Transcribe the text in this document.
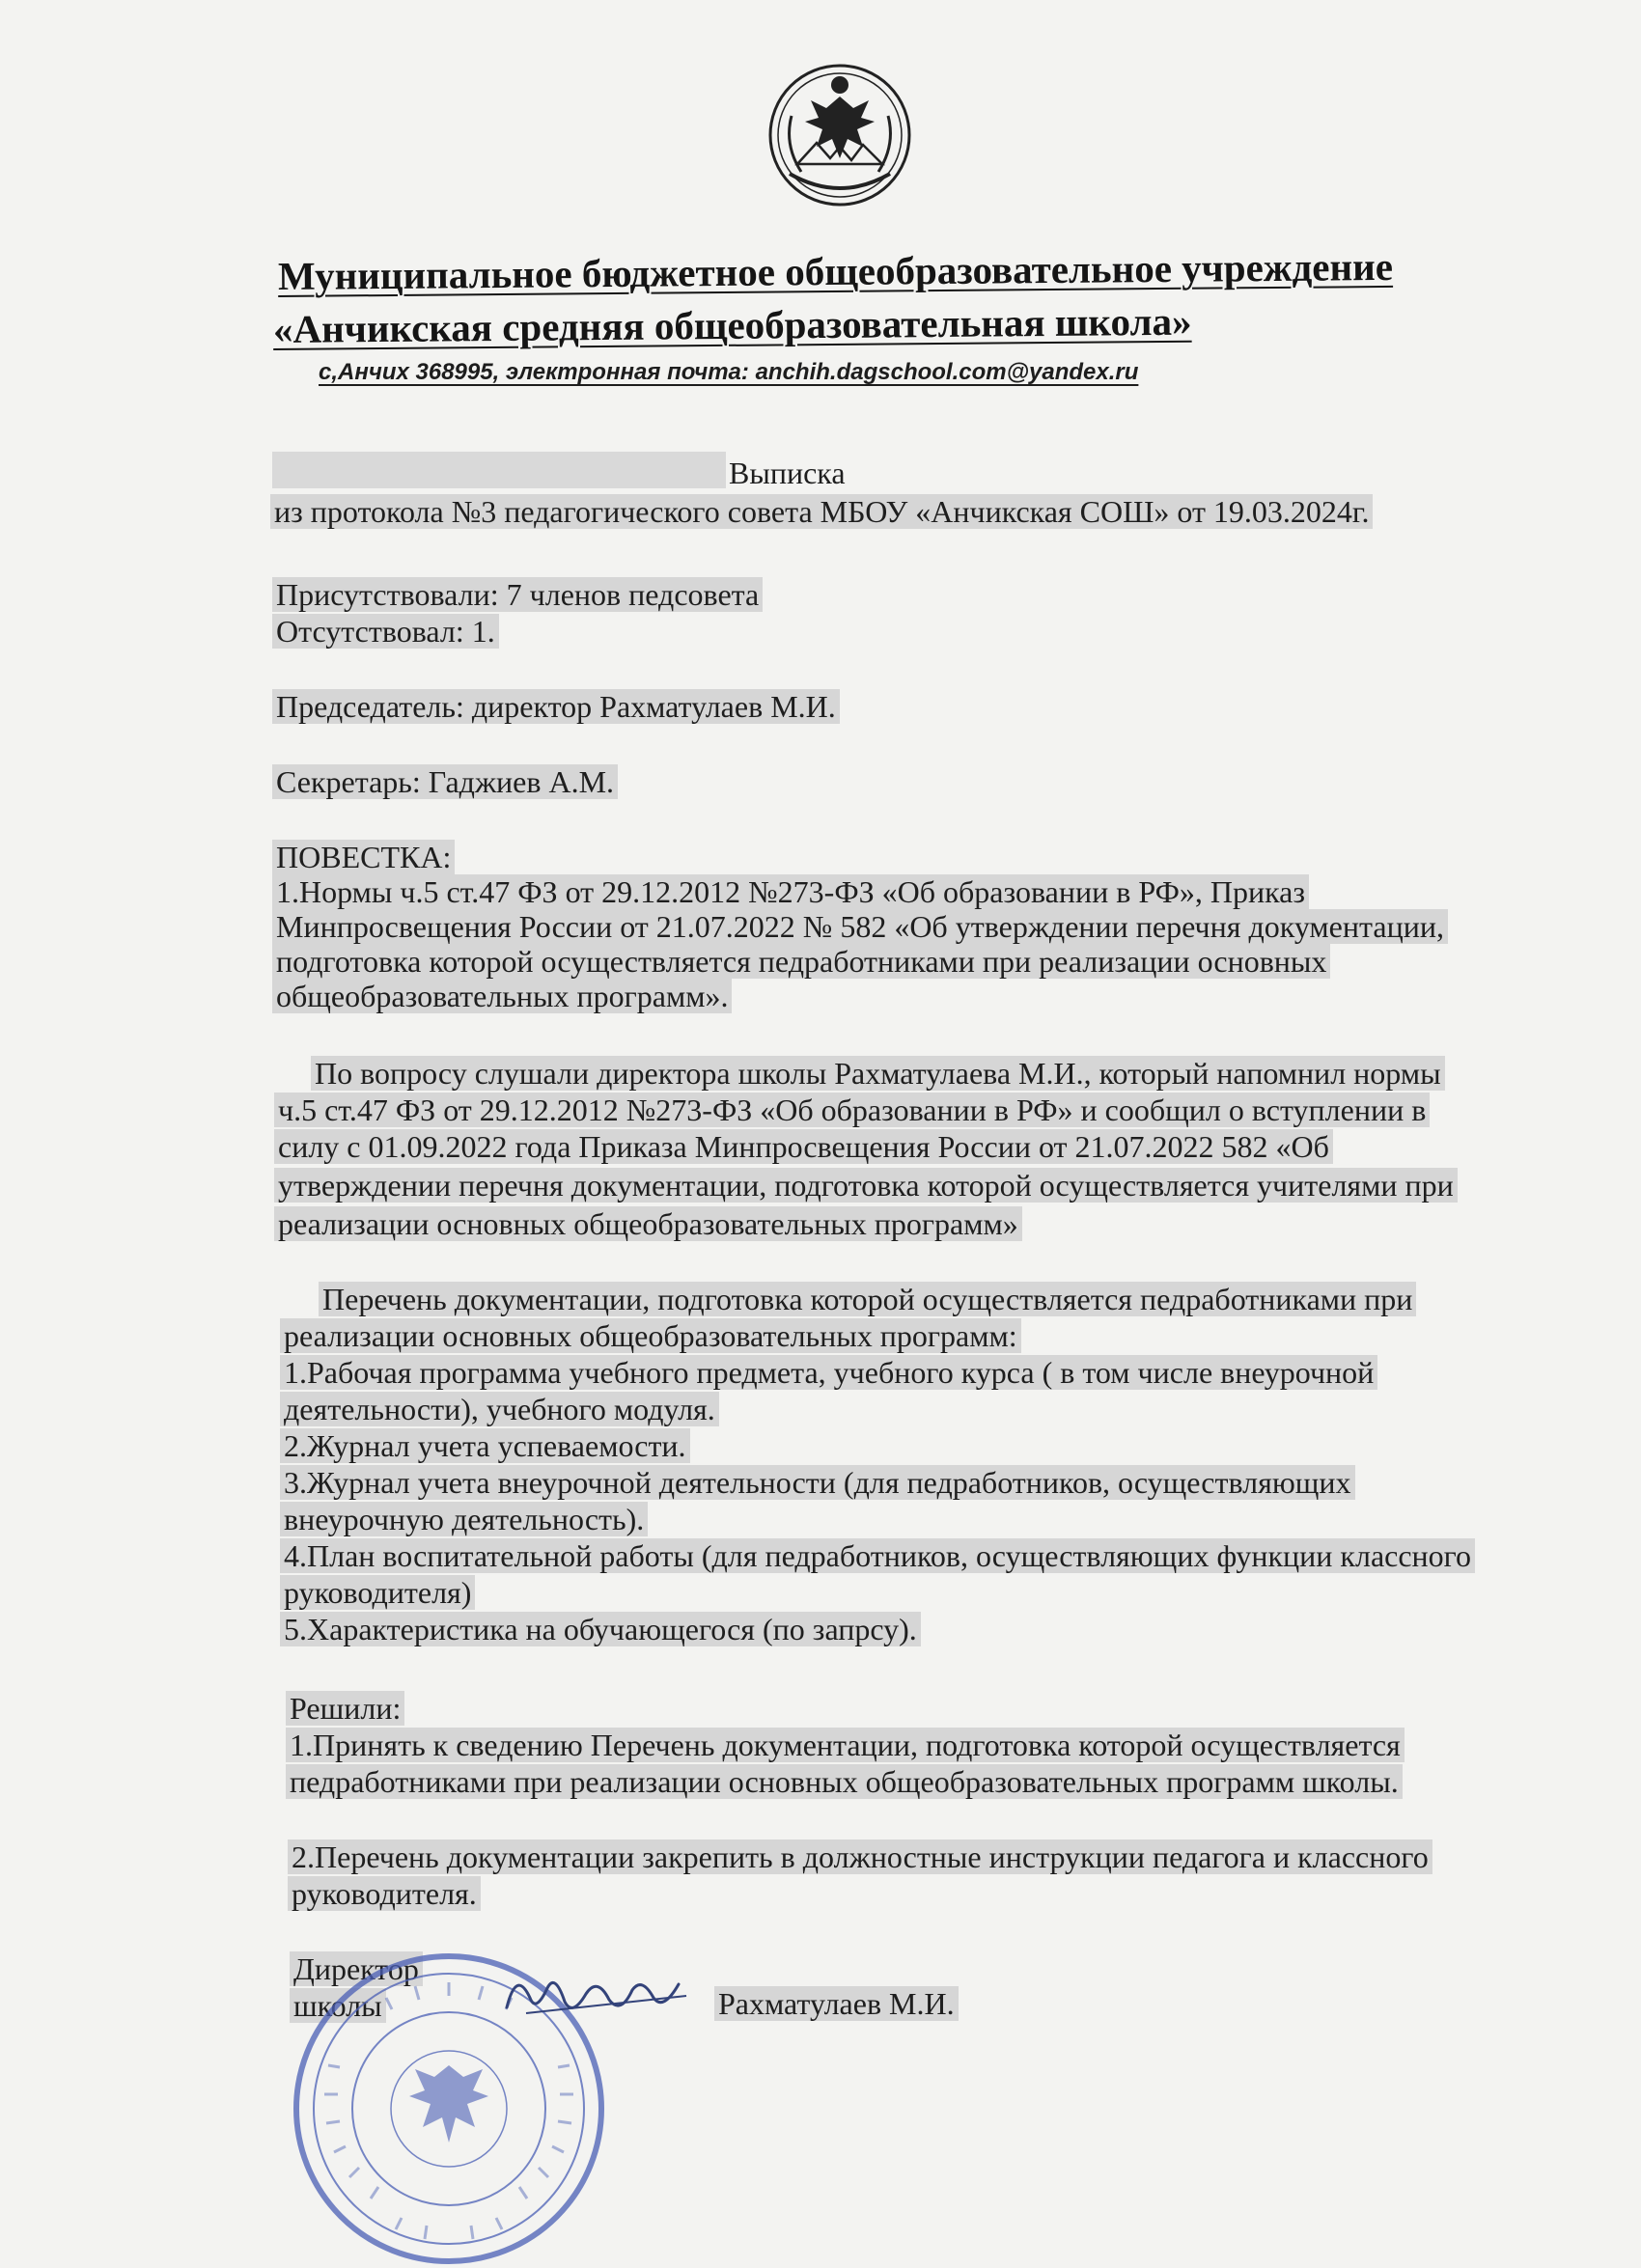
Муниципальное бюджетное общеобразовательное учреждение
«Анчикская средняя общеобразовательная школа»
с,Анчих 368995, электронная почта: anchih.dagschool.com@yandex.ru
Выписка
из протокола №3 педагогического совета МБОУ «Анчикская СОШ» от 19.03.2024г.
Присутствовали: 7 членов педсовета
Отсутствовал: 1.
Председатель: директор Рахматулаев М.И.
Секретарь: Гаджиев А.М.
ПОВЕСТКА:
1.Нормы ч.5 ст.47 ФЗ от 29.12.2012 №273-ФЗ «Об образовании в РФ», Приказ
Минпросвещения России от 21.07.2022 № 582 «Об утверждении перечня документации,
подготовка которой осуществляется педработниками при реализации основных
общеобразовательных программ».
По вопросу слушали директора школы Рахматулаева М.И., который напомнил нормы
ч.5 ст.47 ФЗ от 29.12.2012 №273-ФЗ «Об образовании в РФ» и сообщил о вступлении в
силу с 01.09.2022 года Приказа Минпросвещения России от 21.07.2022 582 «Об
утверждении перечня документации, подготовка которой осуществляется учителями при
реализации основных общеобразовательных программ»
Перечень документации, подготовка которой осуществляется педработниками при
реализации основных общеобразовательных программ:
1.Рабочая программа учебного предмета, учебного курса ( в том числе внеурочной
деятельности), учебного модуля.
2.Журнал учета успеваемости.
3.Журнал учета внеурочной деятельности (для педработников, осуществляющих
внеурочную деятельность).
4.План воспитательной работы (для педработников, осуществляющих функции классного
руководителя)
5.Характеристика на обучающегося (по запрсу).
Решили:
1.Принять к сведению Перечень документации, подготовка которой осуществляется
педработниками при реализации основных общеобразовательных программ школы.
2.Перечень документации закрепить в должностные инструкции педагога и классного
руководителя.
Директор
школы	Рахматулаев М.И.
